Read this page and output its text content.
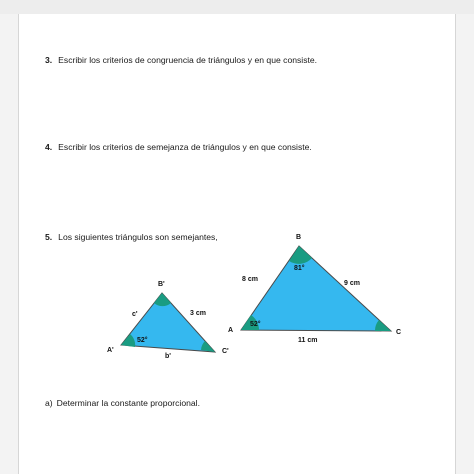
3. Escribir los criterios de congruencia de triángulos y en que consiste.
4. Escribir los criterios de semejanza de triángulos y en que consiste.
5. Los siguientes triángulos son semejantes,
a) Determinar la constante proporcional.
B'
A'	C'
c'	3 cm
b'
52°
B
A	C
8 cm
9 cm
11 cm
52°
81°
